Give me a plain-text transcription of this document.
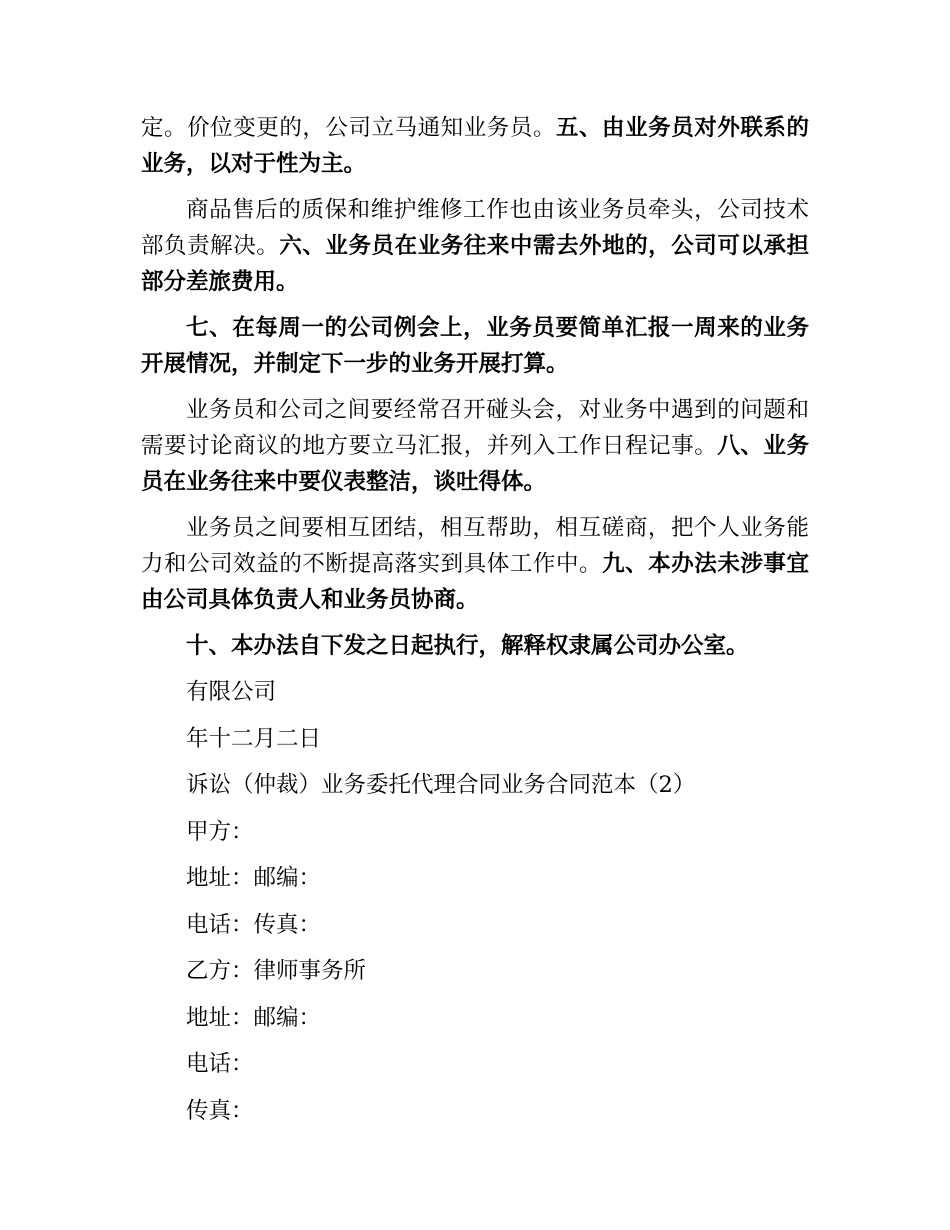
定。价位变更的，公司立马通知业务员。五、由业务员对外联系的业务，以对于性为主。

商品售后的质保和维护维修工作也由该业务员牵头，公司技术部负责解决。六、业务员在业务往来中需去外地的，公司可以承担部分差旅费用。

七、在每周一的公司例会上，业务员要简单汇报一周来的业务开展情况，并制定下一步的业务开展打算。

业务员和公司之间要经常召开碰头会，对业务中遇到的问题和需要讨论商议的地方要立马汇报，并列入工作日程记事。八、业务员在业务往来中要仪表整洁，谈吐得体。

业务员之间要相互团结，相互帮助，相互磋商，把个人业务能力和公司效益的不断提高落实到具体工作中。九、本办法未涉事宜由公司具体负责人和业务员协商。

十、本办法自下发之日起执行，解释权隶属公司办公室。

有限公司

年十二月二日

诉讼（仲裁）业务委托代理合同业务合同范本（2）

甲方：

地址：邮编：

电话：传真：

乙方：律师事务所

地址：邮编：

电话：

传真：
